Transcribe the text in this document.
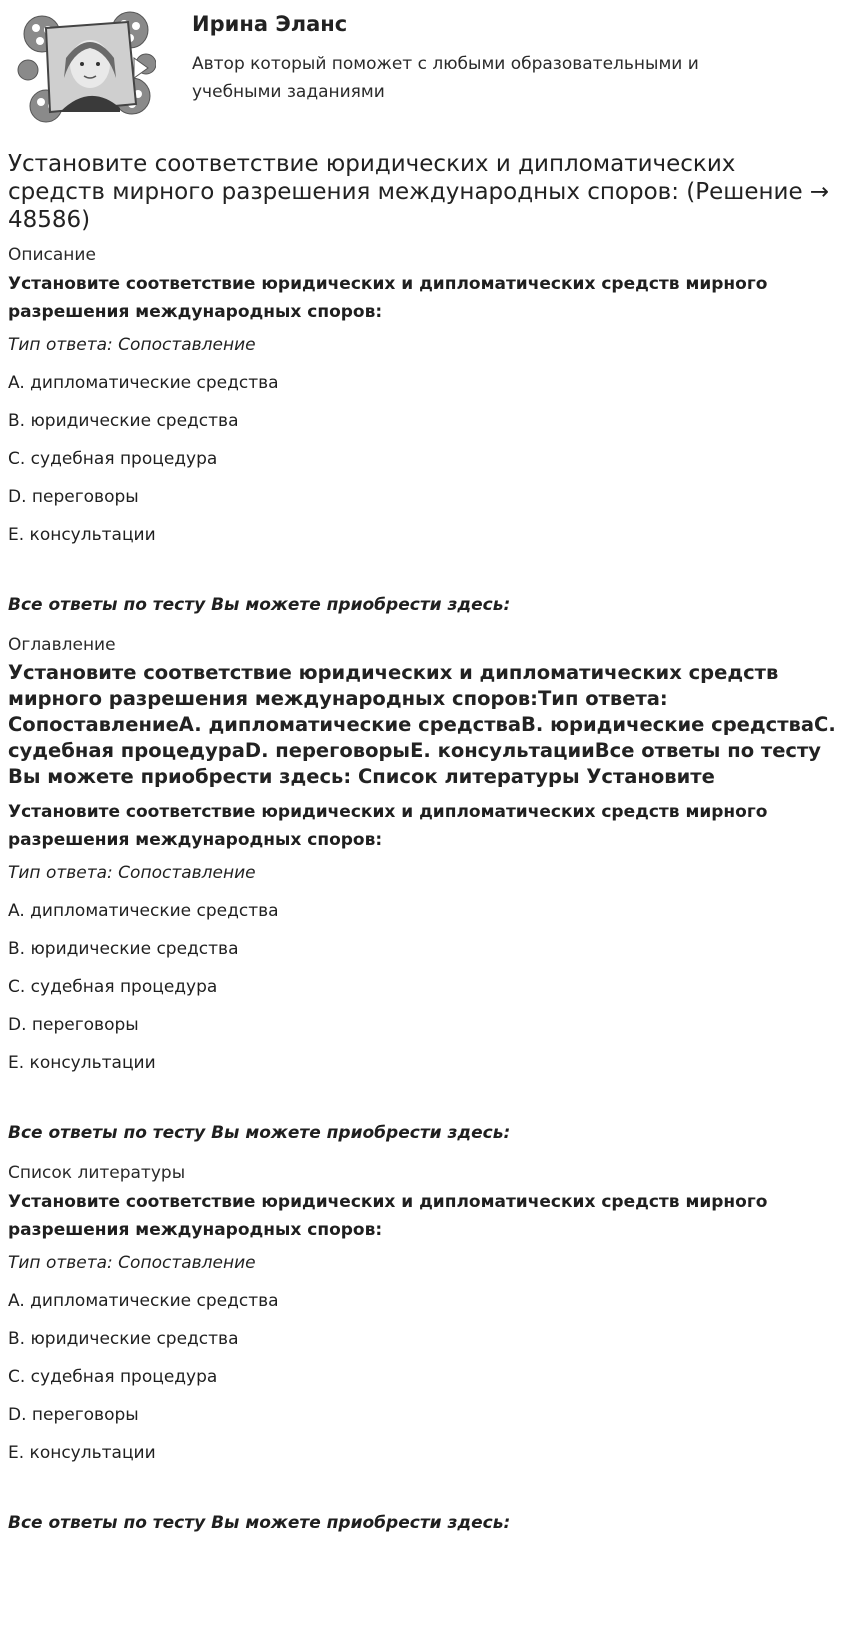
Ирина Эланс
Автор который поможет с любыми образовательными и учебными заданиями
Установите соответствие юридических и дипломатических средств мирного разрешения международных споров: (Решение → 48586)
Описание
Установите соответствие юридических и дипломатических средств мирного разрешения международных споров:
Тип ответа: Сопоставление
A. дипломатические средства
B. юридические средства
C. судебная процедура
D. переговоры
E. консультации
Все ответы по тесту Вы можете приобрести здесь:
Оглавление
Установите соответствие юридических и дипломатических средств мирного разрешения международных споров:Тип ответа: СопоставлениеA. дипломатические средстваB. юридические средстваC. судебная процедураD. переговорыE. консультацииВсе ответы по тесту Вы можете приобрести здесь: Список литературы Установите
Установите соответствие юридических и дипломатических средств мирного разрешения международных споров:
Тип ответа: Сопоставление
A. дипломатические средства
B. юридические средства
C. судебная процедура
D. переговоры
E. консультации
Все ответы по тесту Вы можете приобрести здесь:
Список литературы
Установите соответствие юридических и дипломатических средств мирного разрешения международных споров:
Тип ответа: Сопоставление
A. дипломатические средства
B. юридические средства
C. судебная процедура
D. переговоры
E. консультации
Все ответы по тесту Вы можете приобрести здесь:
